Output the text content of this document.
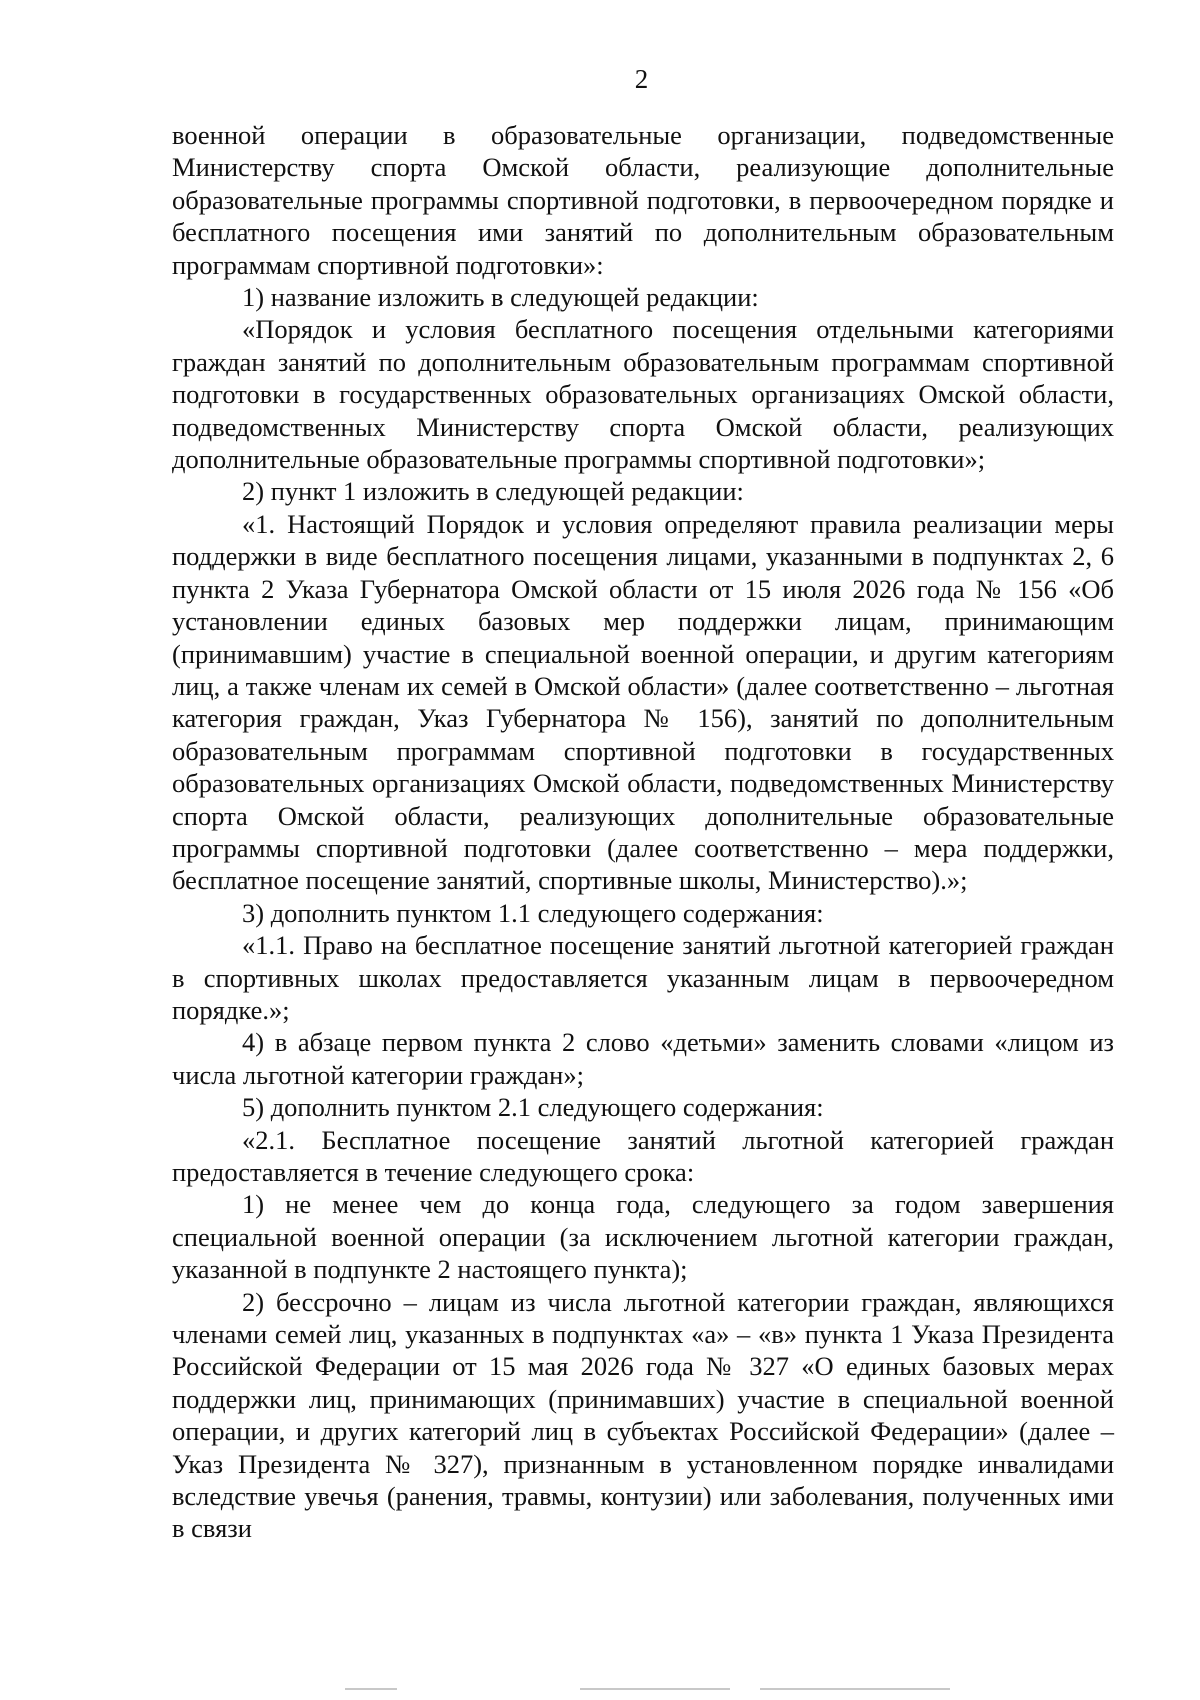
2

военной операции в образовательные организации, подведомственные Министерству спорта Омской области, реализующие дополнительные образовательные программы спортивной подготовки, в первоочередном порядке и бесплатного посещения ими занятий по дополнительным образовательным программам спортивной подготовки»:

1) название изложить в следующей редакции:

«Порядок и условия бесплатного посещения отдельными категориями граждан занятий по дополнительным образовательным программам спортивной подготовки в государственных образовательных организациях Омской области, подведомственных Министерству спорта Омской области, реализующих дополнительные образовательные программы спортивной подготовки»;

2) пункт 1 изложить в следующей редакции:

«1. Настоящий Порядок и условия определяют правила реализации меры поддержки в виде бесплатного посещения лицами, указанными в подпунктах 2, 6 пункта 2 Указа Губернатора Омской области от 15 июля 2026 года № 156 «Об установлении единых базовых мер поддержки лицам, принимающим (принимавшим) участие в специальной военной операции, и другим категориям лиц, а также членам их семей в Омской области» (далее соответственно – льготная категория граждан, Указ Губернатора № 156), занятий по дополнительным образовательным программам спортивной подготовки в государственных образовательных организациях Омской области, подведомственных Министерству спорта Омской области, реализующих дополнительные образовательные программы спортивной подготовки (далее соответственно – мера поддержки, бесплатное посещение занятий, спортивные школы, Министерство).»;

3) дополнить пунктом 1.1 следующего содержания:

«1.1. Право на бесплатное посещение занятий льготной категорией граждан в спортивных школах предоставляется указанным лицам в первоочередном порядке.»;

4) в абзаце первом пункта 2 слово «детьми» заменить словами «лицом из числа льготной категории граждан»;

5) дополнить пунктом 2.1 следующего содержания:

«2.1. Бесплатное посещение занятий льготной категорией граждан предоставляется в течение следующего срока:

1) не менее чем до конца года, следующего за годом завершения специальной военной операции (за исключением льготной категории граждан, указанной в подпункте 2 настоящего пункта);

2) бессрочно – лицам из числа льготной категории граждан, являющихся членами семей лиц, указанных в подпунктах «а» – «в» пункта 1 Указа Президента Российской Федерации от 15 мая 2026 года № 327 «О единых базовых мерах поддержки лиц, принимающих (принимавших) участие в специальной военной операции, и других категорий лиц в субъектах Российской Федерации» (далее – Указ Президента № 327), признанным в установленном порядке инвалидами вследствие увечья (ранения, травмы, контузии) или заболевания, полученных ими в связи
